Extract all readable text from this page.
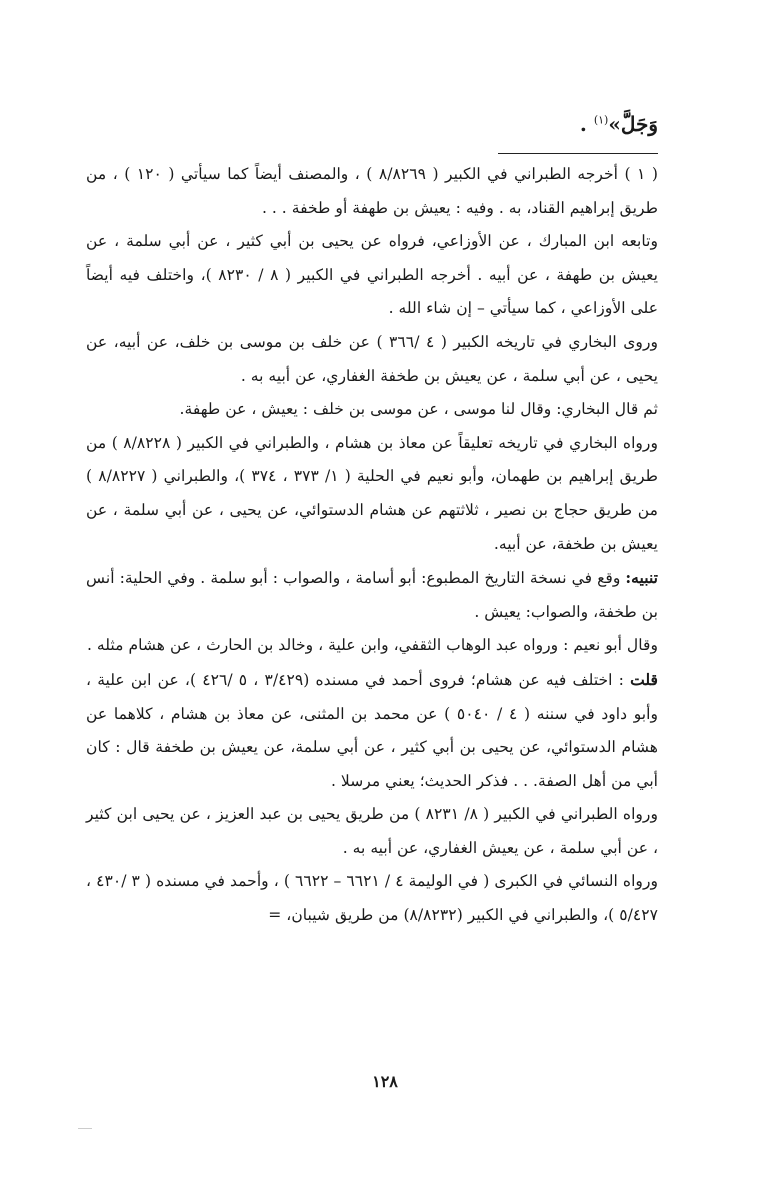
وَجَلَّ»$^{(١)}$ .

( ١ ) أخرجه الطبراني في الكبير ( ٨/٨٢٦٩ ) ، والمصنف أيضاً كما سيأتي ( ١٢٠ ) ، من طريق إبراهيم القناد، به . وفيه : يعيش بن طهفة أو طخفة . . .

وتابعه ابن المبارك ، عن الأوزاعي، فرواه عن يحيى بن أبي كثير ، عن أبي سلمة ، عن يعيش بن طهفة ، عن أبيه . أخرجه الطبراني في الكبير ( ٨ / ٨٢٣٠ )، واختلف فيه أيضاً على الأوزاعي ، كما سيأتي – إن شاء الله .

وروى البخاري في تاريخه الكبير ( ٤ /٣٦٦ ) عن خلف بن موسى بن خلف، عن أبيه، عن يحيى ، عن أبي سلمة ، عن يعيش بن طخفة الغفاري، عن أبيه به .

ثم قال البخاري: وقال لنا موسى ، عن موسى بن خلف : يعيش ، عن طهفة.

ورواه البخاري في تاريخه تعليقاً عن معاذ بن هشام ، والطبراني في الكبير ( ٨/٨٢٢٨ ) من طريق إبراهيم بن طهمان، وأبو نعيم في الحلية ( ١/ ٣٧٣ ، ٣٧٤ )، والطبراني ( ٨/٨٢٢٧ ) من طريق حجاج بن نصير ، ثلاثتهم عن هشام الدستوائي، عن يحيى ، عن أبي سلمة ، عن يعيش بن طخفة، عن أبيه.

تنبيه: وقع في نسخة التاريخ المطبوع: أبو أسامة ، والصواب : أبو سلمة . وفي الحلية: أنس بن طخفة، والصواب: يعيش .

وقال أبو نعيم : ورواه عبد الوهاب الثقفي، وابن علية ، وخالد بن الحارث ، عن هشام مثله .

قلت : اختلف فيه عن هشام؛ فروى أحمد في مسنده (٣/٤٢٩ ، ٥ /٤٢٦ )، عن ابن علية ، وأبو داود في سننه ( ٤ / ٥٠٤٠ ) عن محمد بن المثنى، عن معاذ بن هشام ، كلاهما عن هشام الدستوائي، عن يحيى بن أبي كثير ، عن أبي سلمة، عن يعيش بن طخفة قال : كان أبي من أهل الصفة. . . فذكر الحديث؛ يعني مرسلا .

ورواه الطبراني في الكبير ( ٨/ ٨٢٣١ ) من طريق يحيى بن عبد العزيز ، عن يحيى ابن كثير ، عن أبي سلمة ، عن يعيش الغفاري، عن أبيه به .

ورواه النسائي في الكبرى ( في الوليمة ٤ / ٦٦٢١ – ٦٦٢٢ ) ، وأحمد في مسنده ( ٣ /٤٣٠ ، ٥/٤٢٧ )، والطبراني في الكبير (٨/٨٢٣٢) من طريق شيبان، =

١٢٨
